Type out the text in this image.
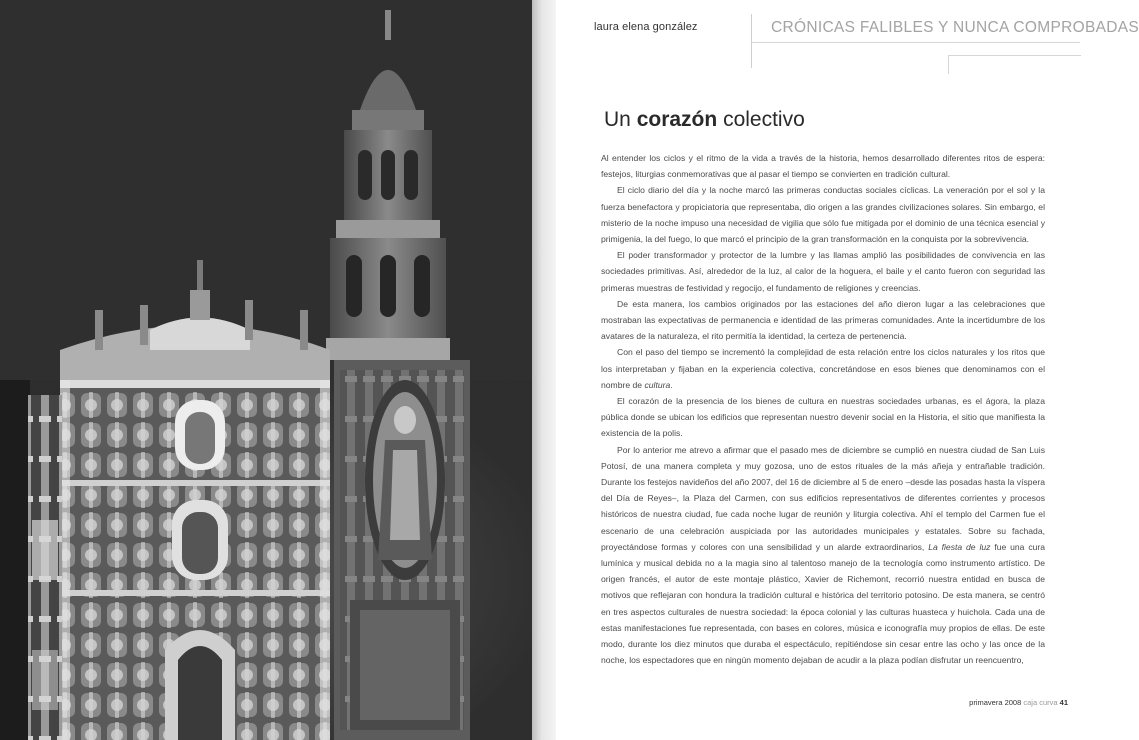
laura elena gonzález	CRÓNICAS FALIBLES Y NUNCA COMPROBADAS
Un corazón colectivo

Al entender los ciclos y el ritmo de la vida a través de la historia, hemos desarrollado diferentes ritos de espera: festejos, liturgias conmemorativas que al pasar el tiempo se convierten en tradición cultural.

El ciclo diario del día y la noche marcó las primeras conductas sociales cíclicas. La veneración por el sol y la fuerza benefactora y propiciatoria que representaba, dio origen a las grandes civilizaciones solares. Sin embargo, el misterio de la noche impuso una necesidad de vigilia que sólo fue mitigada por el dominio de una técnica esencial y primigenia, la del fuego, lo que marcó el principio de la gran transformación en la conquista por la sobrevivencia.

El poder transformador y protector de la lumbre y las llamas amplió las posibilidades de convivencia en las sociedades primitivas. Así, alrededor de la luz, al calor de la hoguera, el baile y el canto fueron con seguridad las primeras muestras de festividad y regocijo, el fundamento de religiones y creencias.

De esta manera, los cambios originados por las estaciones del año dieron lugar a las celebraciones que mostraban las expectativas de permanencia e identidad de las primeras comunidades. Ante la incertidumbre de los avatares de la naturaleza, el rito permitía la identidad, la certeza de pertenencia.

Con el paso del tiempo se incrementó la complejidad de esta relación entre los ciclos naturales y los ritos que los interpretaban y fijaban en la experiencia colectiva, concretándose en esos bienes que denominamos con el nombre de cultura.

El corazón de la presencia de los bienes de cultura en nuestras sociedades urbanas, es el ágora, la plaza pública donde se ubican los edificios que representan nuestro devenir social en la Historia, el sitio que manifiesta la existencia de la polis.

Por lo anterior me atrevo a afirmar que el pasado mes de diciembre se cumplió en nuestra ciudad de San Luis Potosí, de una manera completa y muy gozosa, uno de estos rituales de la más añeja y entrañable tradición. Durante los festejos navideños del año 2007, del 16 de diciembre al 5 de enero –desde las posadas hasta la víspera del Día de Reyes–, la Plaza del Carmen, con sus edificios representativos de diferentes corrientes y procesos históricos de nuestra ciudad, fue cada noche lugar de reunión y liturgia colectiva. Ahí el templo del Carmen fue el escenario de una celebración auspiciada por las autoridades municipales y estatales. Sobre su fachada, proyectándose formas y colores con una sensibilidad y un alarde extraordinarios, La fiesta de luz fue una cura lumínica y musical debida no a la magia sino al talentoso manejo de la tecnología como instrumento artístico. De origen francés, el autor de este montaje plástico, Xavier de Richemont, recorrió nuestra entidad en busca de motivos que reflejaran con hondura la tradición cultural e histórica del territorio potosino. De esta manera, se centró en tres aspectos culturales de nuestra sociedad: la época colonial y las culturas huasteca y huichola. Cada una de estas manifestaciones fue representada, con bases en colores, música e iconografía muy propios de ellas. De este modo, durante los diez minutos que duraba el espectáculo, repitiéndose sin cesar entre las ocho y las once de la noche, los espectadores que en ningún momento dejaban de acudir a la plaza podían disfrutar un reencuentro,

primavera 2008 caja curva 41
